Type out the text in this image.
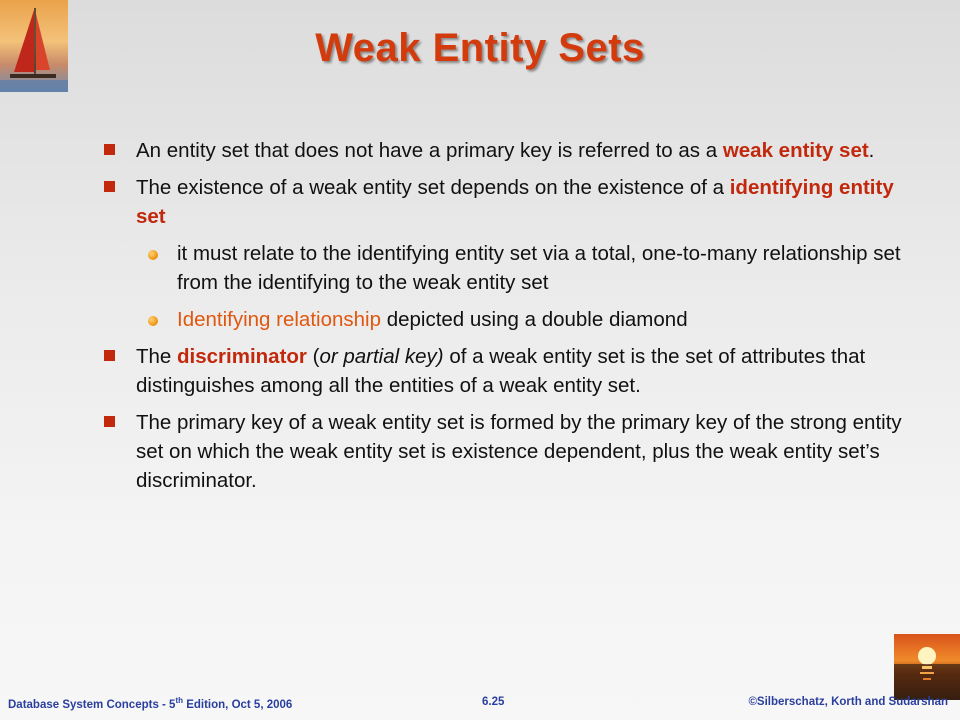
Weak Entity Sets
An entity set that does not have a primary key is referred to as a weak entity set.
The existence of a weak entity set depends on the existence of a identifying entity set
it must relate to the identifying entity set via a total, one-to-many relationship set from the identifying to the weak entity set
Identifying relationship depicted using a double diamond
The discriminator (or partial key) of a weak entity set is the set of attributes that distinguishes among all the entities of a weak entity set.
The primary key of a weak entity set is formed by the primary key of the strong entity set on which the weak entity set is existence dependent, plus the weak entity set’s discriminator.
Database System Concepts - 5th Edition, Oct 5, 2006	6.25	©Silberschatz, Korth and Sudarshan
